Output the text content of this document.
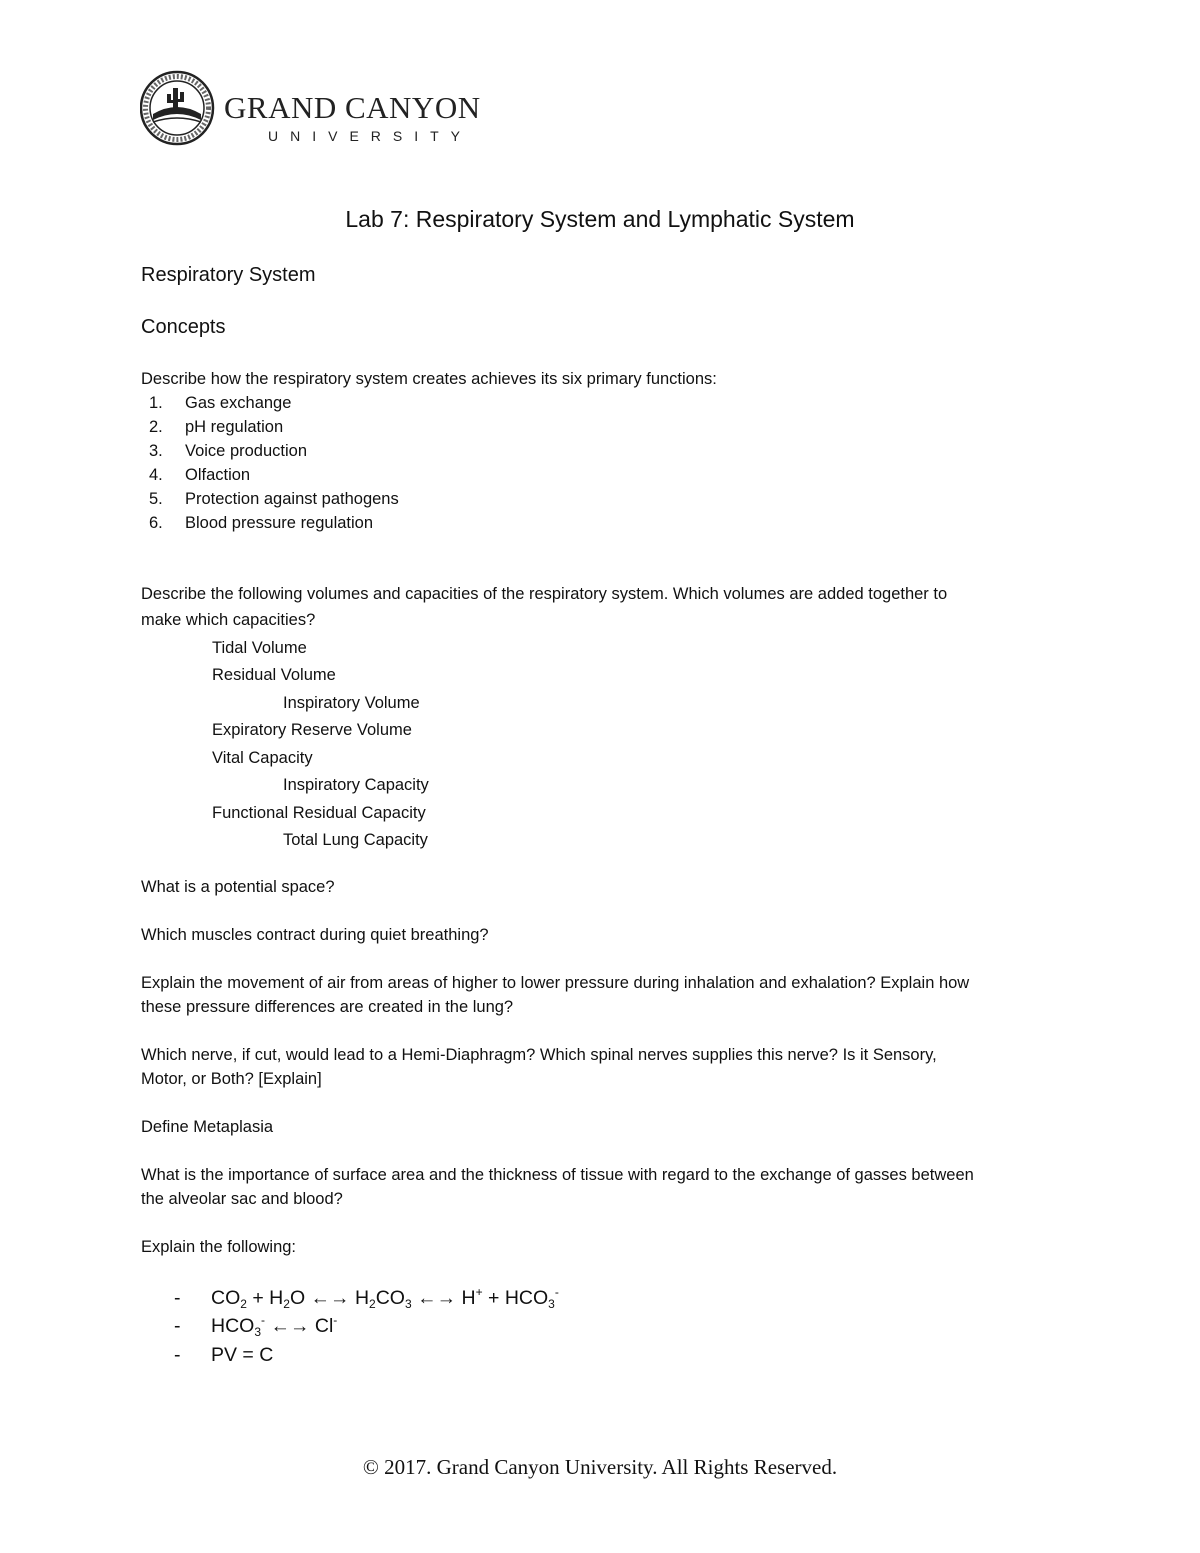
GRAND CANYON
UNIVERSITY
Lab 7: Respiratory System and Lymphatic System
Respiratory System
Concepts
Describe how the respiratory system creates achieves its six primary functions:
1. Gas exchange
2. pH regulation
3. Voice production
4. Olfaction
5. Protection against pathogens
6. Blood pressure regulation
Describe the following volumes and capacities of the respiratory system. Which volumes are added together to
make which capacities?
Tidal Volume
Residual Volume
Inspiratory Volume
Expiratory Reserve Volume
Vital Capacity
Inspiratory Capacity
Functional Residual Capacity
Total Lung Capacity
What is a potential space?
Which muscles contract during quiet breathing?
Explain the movement of air from areas of higher to lower pressure during inhalation and exhalation? Explain how
these pressure differences are created in the lung?
Which nerve, if cut, would lead to a Hemi-Diaphragm? Which spinal nerves supplies this nerve? Is it Sensory,
Motor, or Both? [Explain]
Define Metaplasia
What is the importance of surface area and the thickness of tissue with regard to the exchange of gasses between
the alveolar sac and blood?
Explain the following:
- $CO_2 + H_2O$ ←→ $H_2CO_3$ ←→ $H^+ + HCO_3^-$
- $HCO_3^-$ ←→ Cl-
- PV = C
© 2017. Grand Canyon University. All Rights Reserved.
